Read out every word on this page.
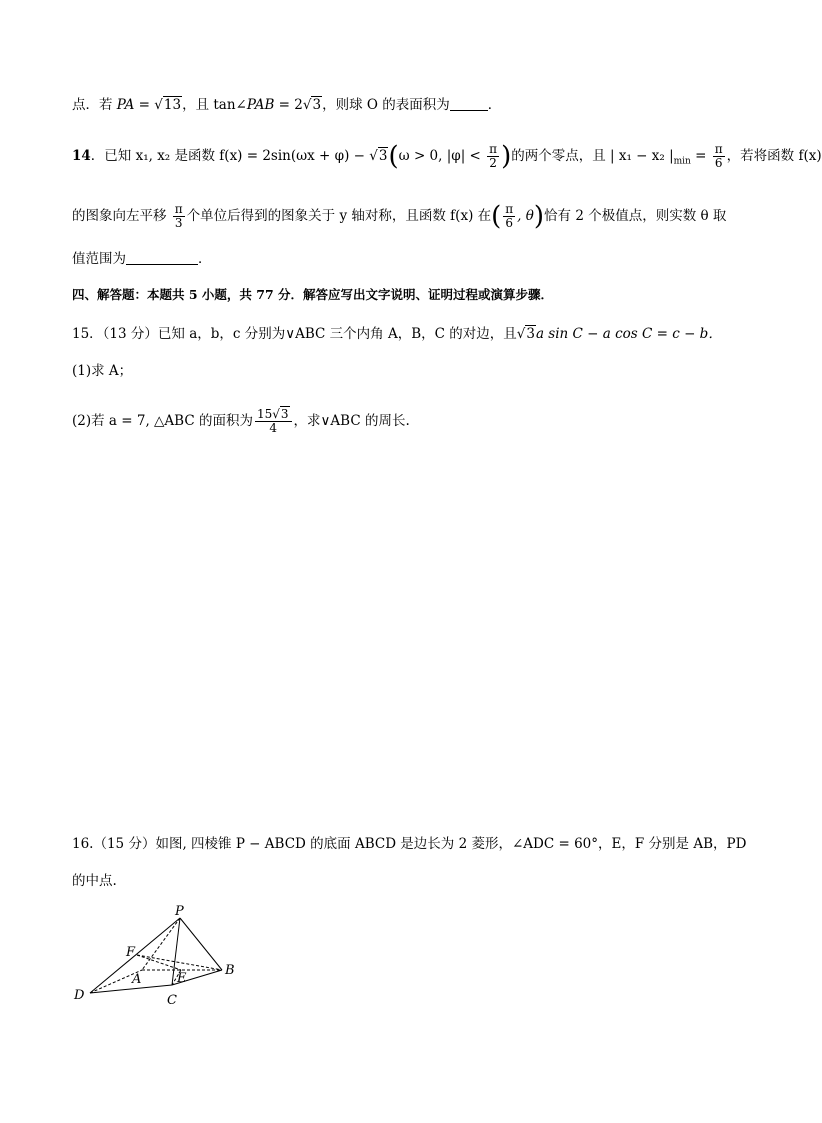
点．若 PA = √13，且 tan∠PAB = 2√3，则球 O 的表面积为	．
14．已知 x₁, x₂ 是函数 f(x) = 2sin(ωx + φ) − √3(ω > 0, $|\varphi| < \frac{\pi}{2}$ )的两个零点，且 | x₁ − x₂ $|_{min} = \frac{\pi}{6}$ ，若将函数 f(x)
的图象向左平移 $\frac{\pi}{3}$ 个单位后得到的图象关于 y 轴对称，且函数 f(x) 在( $\frac{\pi}{6}$ , θ)恰有 2 个极值点，则实数 θ 取
值范围为	．
四、解答题：本题共 5 小题，共 77 分．解答应写出文字说明、证明过程或演算步骤．
15．（13 分）已知 a，b，c 分别为∨ABC 三个内角 A，B，C 的对边，且√3a sin C − a cos C = c − b．
(1)求 A；
(2)若 a = 7, △ABC 的面积为 $\frac{15√3}{4}$ ，求∨ABC 的周长.
16.（15 分）如图, 四棱锥 P − ABCD 的底面 ABCD 是边长为 2 菱形，∠ADC = 60°，E，F 分别是 AB，PD
的中点.
P
F
A	E
B
D	C
